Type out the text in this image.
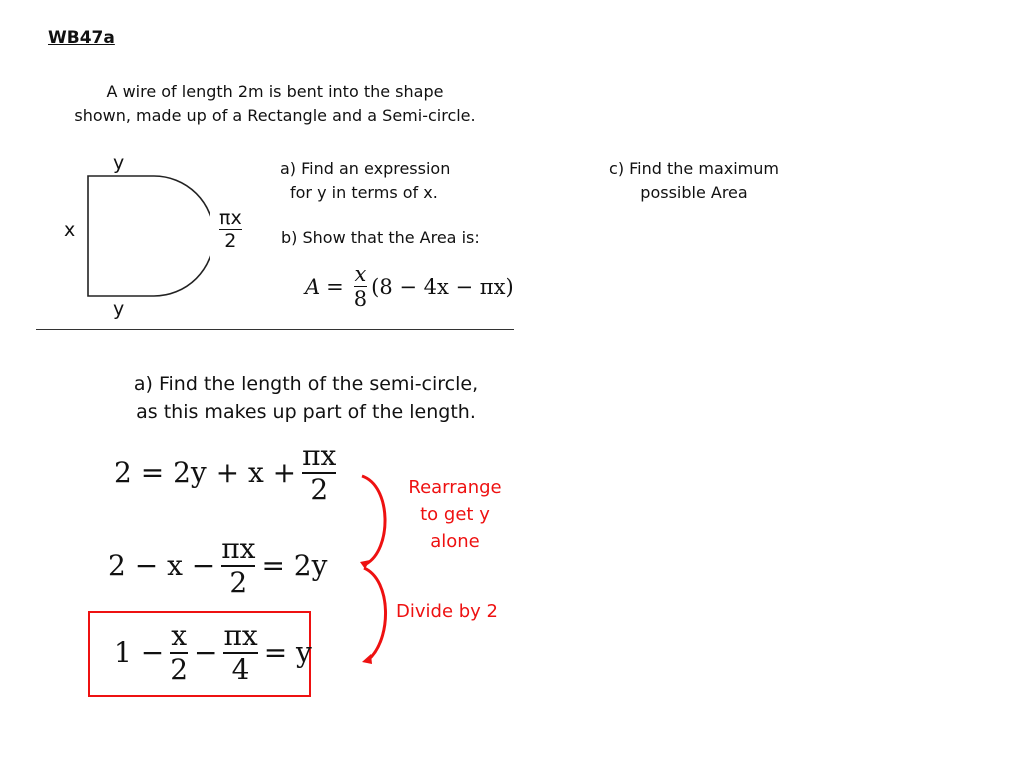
WB47a
A wire of length 2m is bent into the shape
shown, made up of a Rectangle and a Semi-circle.
y
x
y
$\frac{\pi x}{2}$
a) Find an expression
for y in terms of x.
b) Show that the Area is:
c) Find the maximum
possible Area
A =
x
8
(8 − 4x − πx)
a) Find the length of the semi-circle,
as this makes up part of the length.
$2 = 2y + x + \frac{\pi x}{2}$
$2 - x - \frac{\pi x}{2} = 2y$
$1 - \frac{x}{2} - \frac{\pi x}{4} = y$
Rearrange
to get y
alone
Divide by 2
